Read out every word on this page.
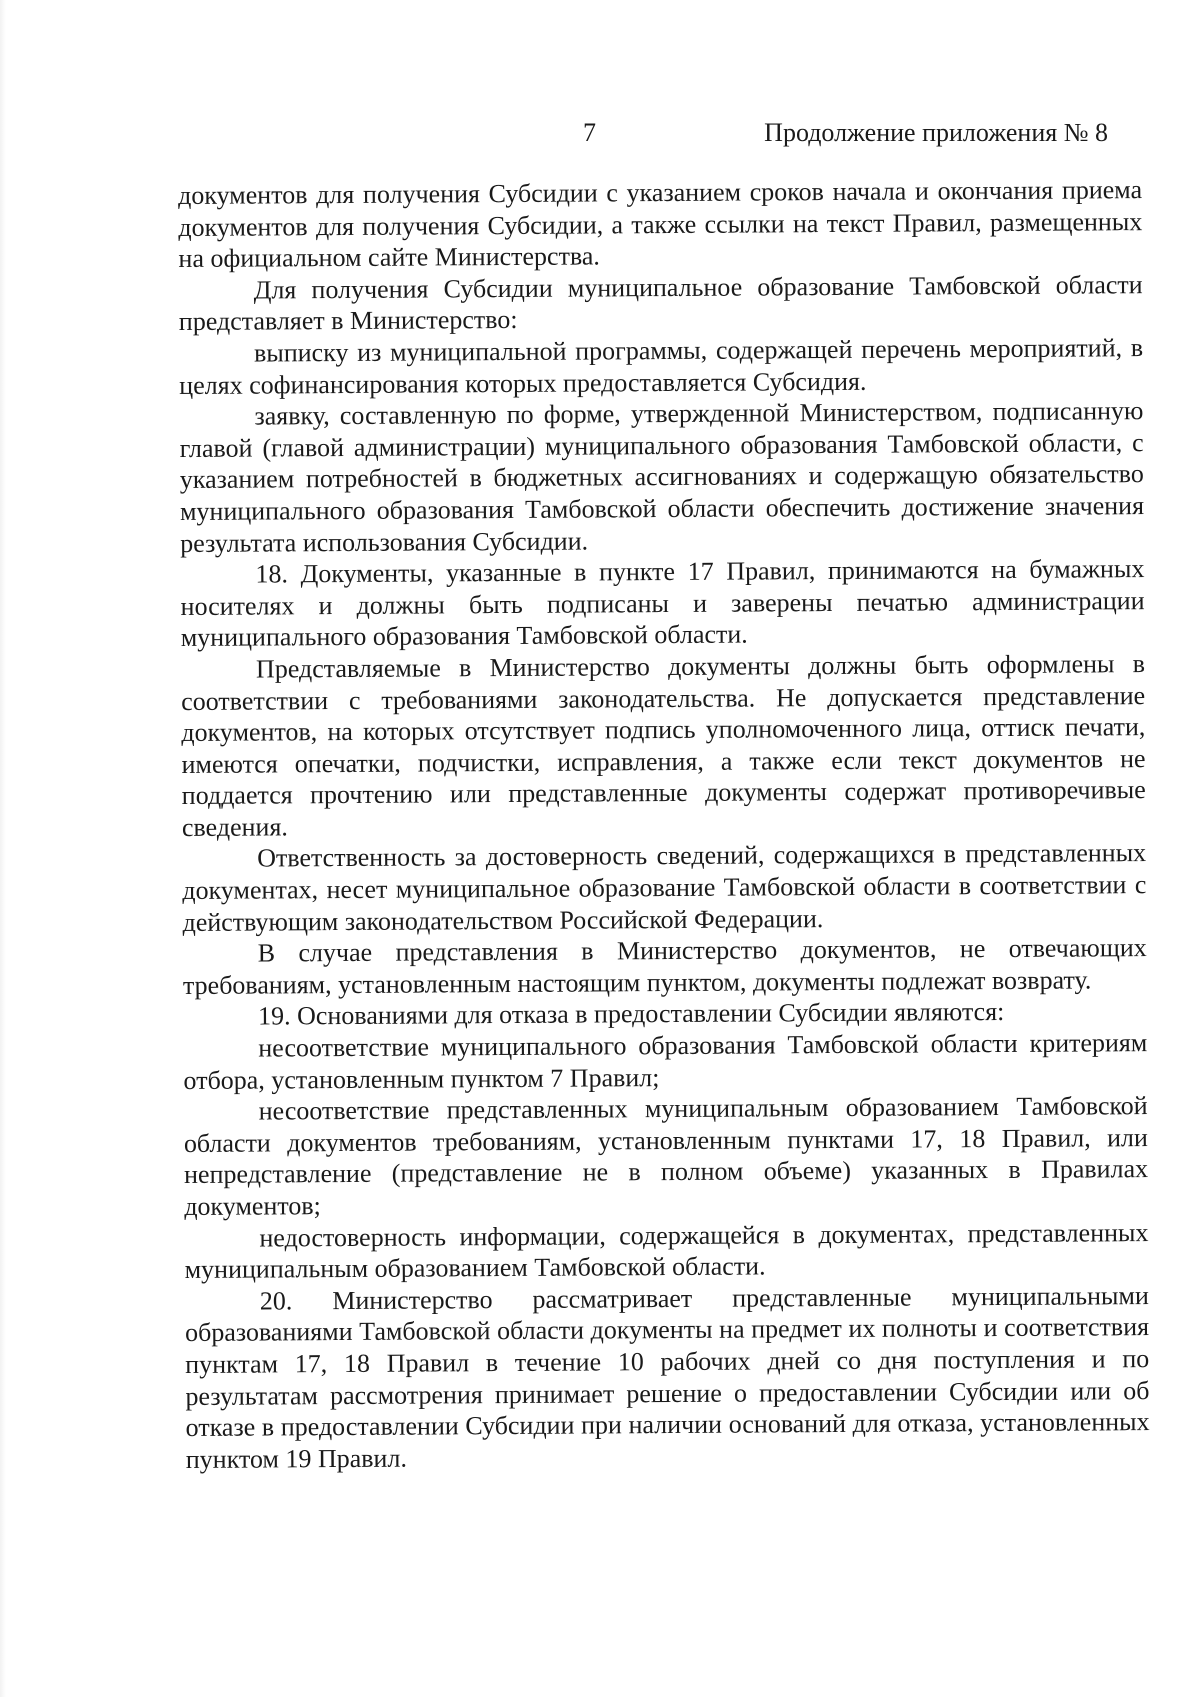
7	Продолжение приложения № 8

документов для получения Субсидии с указанием сроков начала и окончания приема документов для получения Субсидии, а также ссылки на текст Правил, размещенных на официальном сайте Министерства.

Для получения Субсидии муниципальное образование Тамбовской области представляет в Министерство:

выписку из муниципальной программы, содержащей перечень мероприятий, в целях софинансирования которых предоставляется Субсидия.

заявку, составленную по форме, утвержденной Министерством, подписанную главой (главой администрации) муниципального образования Тамбовской области, с указанием потребностей в бюджетных ассигнованиях и содержащую обязательство муниципального образования Тамбовской области обеспечить достижение значения результата использования Субсидии.

18. Документы, указанные в пункте 17 Правил, принимаются на бумажных носителях и должны быть подписаны и заверены печатью администрации муниципального образования Тамбовской области.

Представляемые в Министерство документы должны быть оформлены в соответствии с требованиями законодательства. Не допускается представление документов, на которых отсутствует подпись уполномоченного лица, оттиск печати, имеются опечатки, подчистки, исправления, а также если текст документов не поддается прочтению или представленные документы содержат противоречивые сведения.

Ответственность за достоверность сведений, содержащихся в представленных документах, несет муниципальное образование Тамбовской области в соответствии с действующим законодательством Российской Федерации.

В случае представления в Министерство документов, не отвечающих требованиям, установленным настоящим пунктом, документы подлежат возврату.

19. Основаниями для отказа в предоставлении Субсидии являются:

несоответствие муниципального образования Тамбовской области критериям отбора, установленным пунктом 7 Правил;

несоответствие представленных муниципальным образованием Тамбовской области документов требованиям, установленным пунктами 17, 18 Правил, или непредставление (представление не в полном объеме) указанных в Правилах документов;

недостоверность информации, содержащейся в документах, представленных муниципальным образованием Тамбовской области.

20. Министерство рассматривает представленные муниципальными образованиями Тамбовской области документы на предмет их полноты и соответствия пунктам 17, 18 Правил в течение 10 рабочих дней со дня поступления и по результатам рассмотрения принимает решение о предоставлении Субсидии или об отказе в предоставлении Субсидии при наличии оснований для отказа, установленных пунктом 19 Правил.
